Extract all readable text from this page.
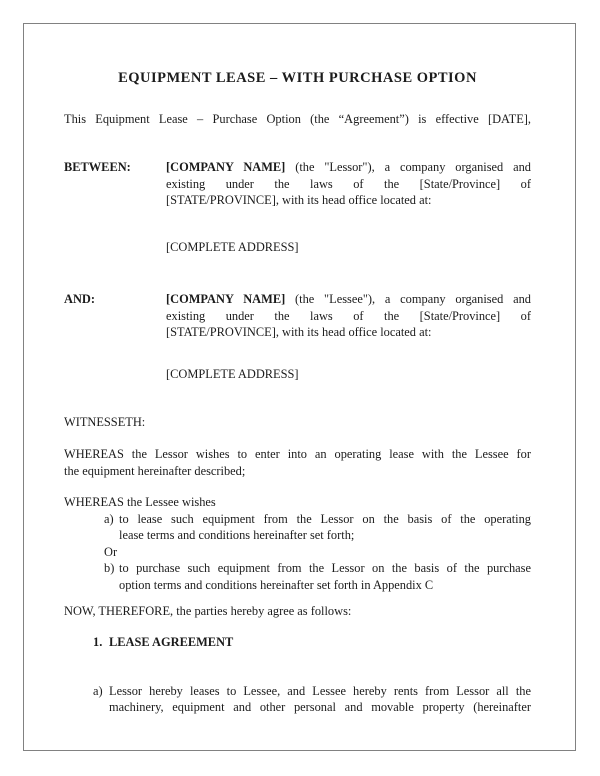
EQUIPMENT LEASE – WITH PURCHASE OPTION
This Equipment Lease – Purchase Option (the “Agreement”) is effective [DATE],
BETWEEN:	[COMPANY NAME] (the "Lessor"), a company organised and
existing under the laws of the [State/Province] of
[STATE/PROVINCE], with its head office located at:
[COMPLETE ADDRESS]
AND:	[COMPANY NAME] (the "Lessee"), a company organised and
existing under the laws of the [State/Province] of
[STATE/PROVINCE], with its head office located at:
[COMPLETE ADDRESS]
WITNESSETH:
WHEREAS the Lessor wishes to enter into an operating lease with the Lessee for
the equipment hereinafter described;
WHEREAS the Lessee wishes
a) to lease such equipment from the Lessor on the basis of the operating
lease terms and conditions hereinafter set forth;
Or
b) to purchase such equipment from the Lessor on the basis of the purchase
option terms and conditions hereinafter set forth in Appendix C
NOW, THEREFORE, the parties hereby agree as follows:
1. LEASE AGREEMENT
a) Lessor hereby leases to Lessee, and Lessee hereby rents from Lessor all the
machinery, equipment and other personal and movable property (hereinafter
